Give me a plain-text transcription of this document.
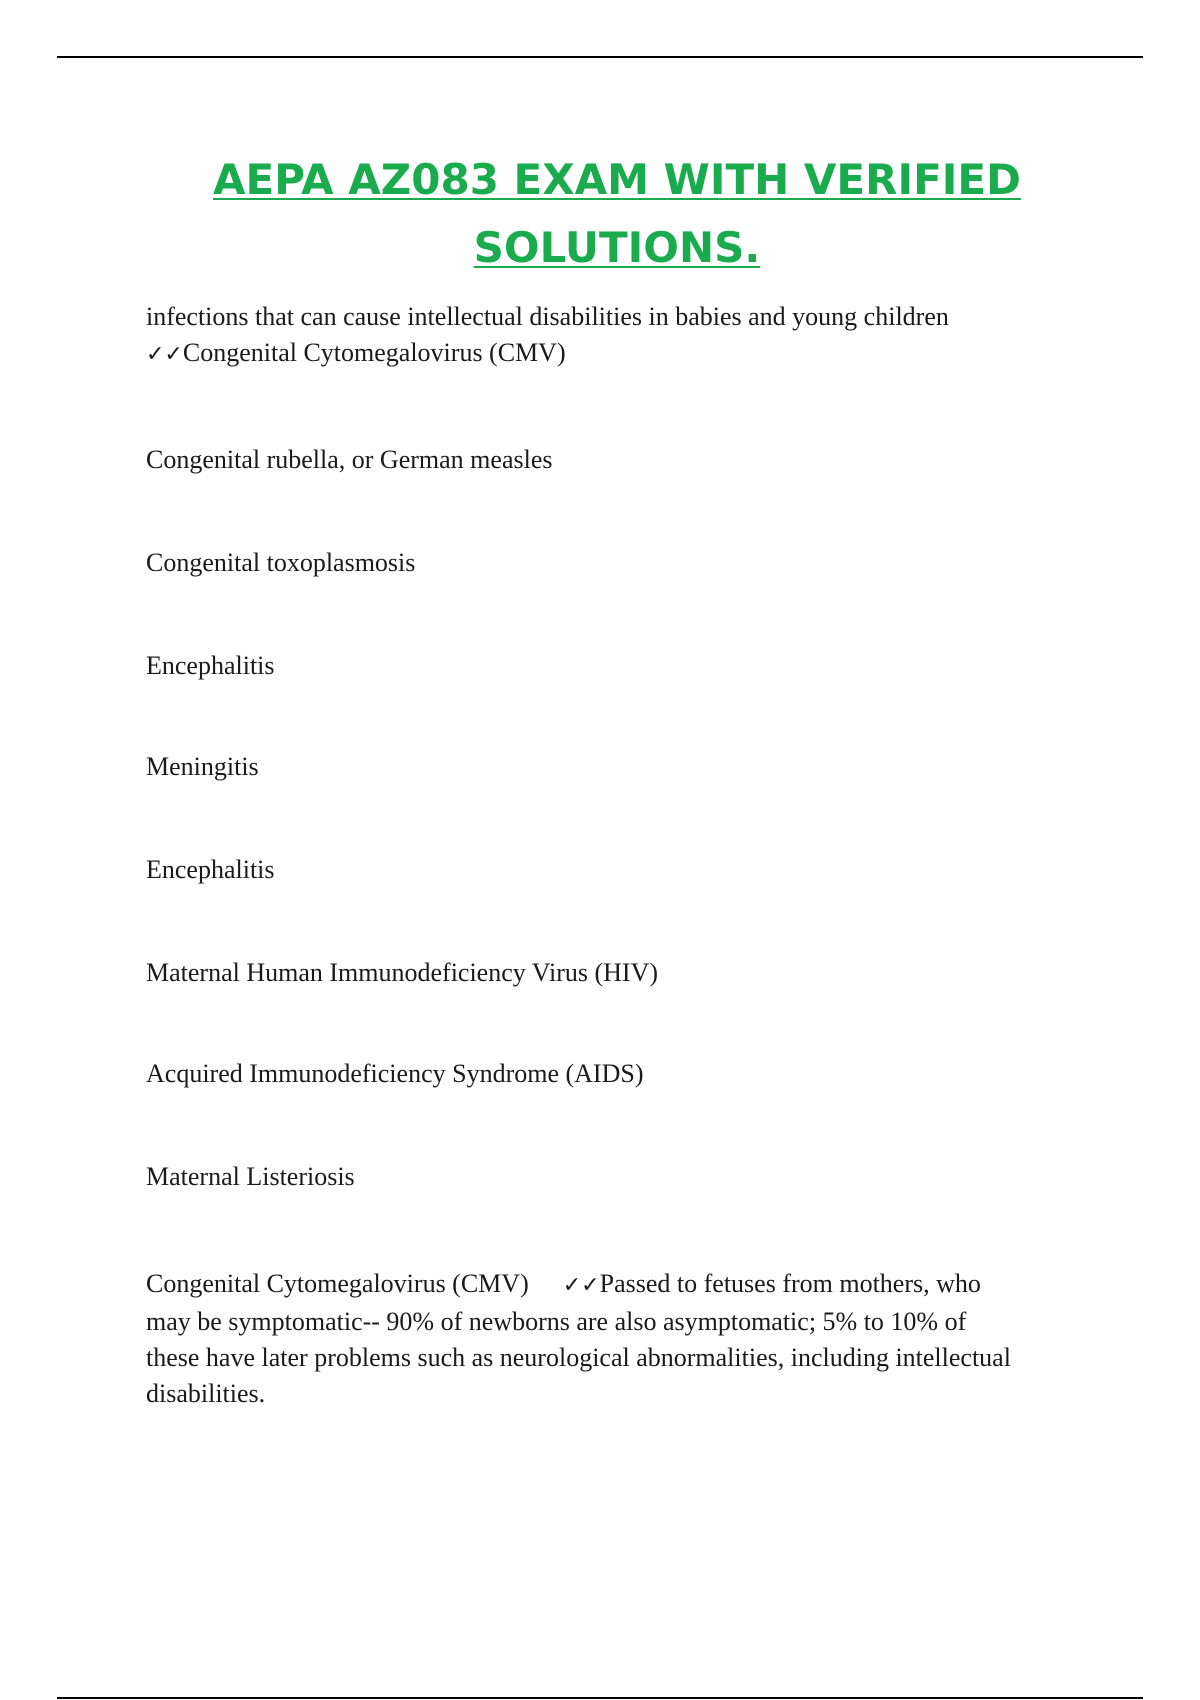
AEPA AZ083 EXAM WITH VERIFIED
SOLUTIONS.

infections that can cause intellectual disabilities in babies and young children
✓✓Congenital Cytomegalovirus (CMV)

Congenital rubella, or German measles

Congenital toxoplasmosis

Encephalitis

Meningitis

Encephalitis

Maternal Human Immunodeficiency Virus (HIV)

Acquired Immunodeficiency Syndrome (AIDS)

Maternal Listeriosis

Congenital Cytomegalovirus (CMV) ✓✓Passed to fetuses from mothers, who
may be symptomatic-- 90% of newborns are also asymptomatic; 5% to 10% of
these have later problems such as neurological abnormalities, including intellectual
disabilities.
